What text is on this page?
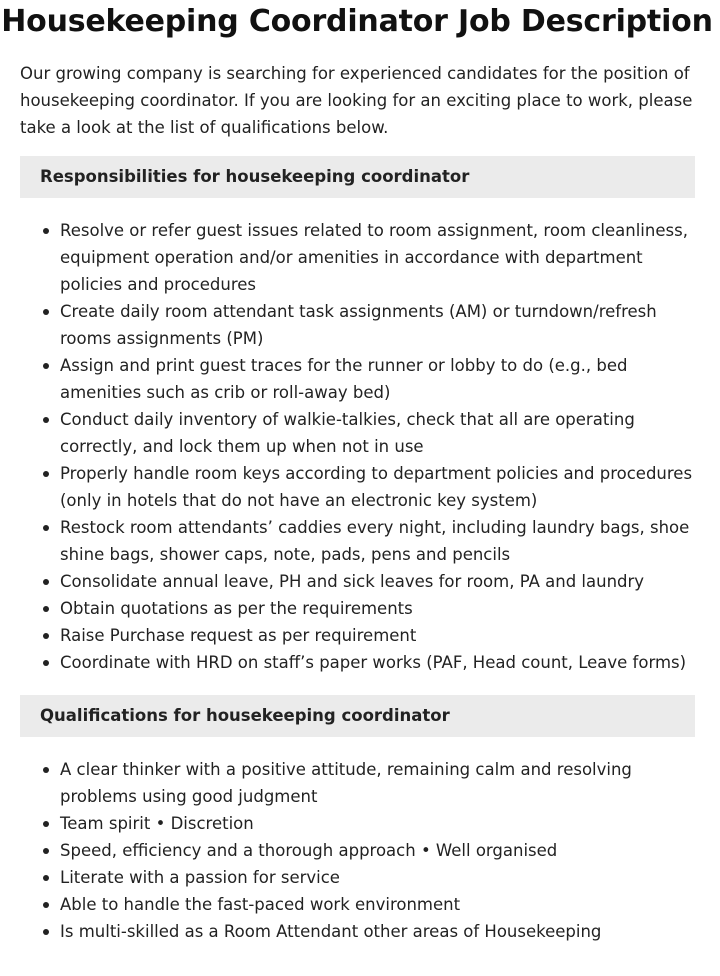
Housekeeping Coordinator Job Description

Our growing company is searching for experienced candidates for the position of housekeeping coordinator. If you are looking for an exciting place to work, please take a look at the list of qualifications below.

Responsibilities for housekeeping coordinator
Resolve or refer guest issues related to room assignment, room cleanliness, equipment operation and/or amenities in accordance with department policies and procedures
Create daily room attendant task assignments (AM) or turndown/refresh rooms assignments (PM)
Assign and print guest traces for the runner or lobby to do (e.g., bed amenities such as crib or roll-away bed)
Conduct daily inventory of walkie-talkies, check that all are operating correctly, and lock them up when not in use
Properly handle room keys according to department policies and procedures (only in hotels that do not have an electronic key system)
Restock room attendants’ caddies every night, including laundry bags, shoe shine bags, shower caps, note, pads, pens and pencils
Consolidate annual leave, PH and sick leaves for room, PA and laundry
Obtain quotations as per the requirements
Raise Purchase request as per requirement
Coordinate with HRD on staff’s paper works (PAF, Head count, Leave forms)
Qualifications for housekeeping coordinator
A clear thinker with a positive attitude, remaining calm and resolving problems using good judgment
Team spirit • Discretion
Speed, efficiency and a thorough approach • Well organised
Literate with a passion for service
Able to handle the fast-paced work environment
Is multi-skilled as a Room Attendant other areas of Housekeeping
